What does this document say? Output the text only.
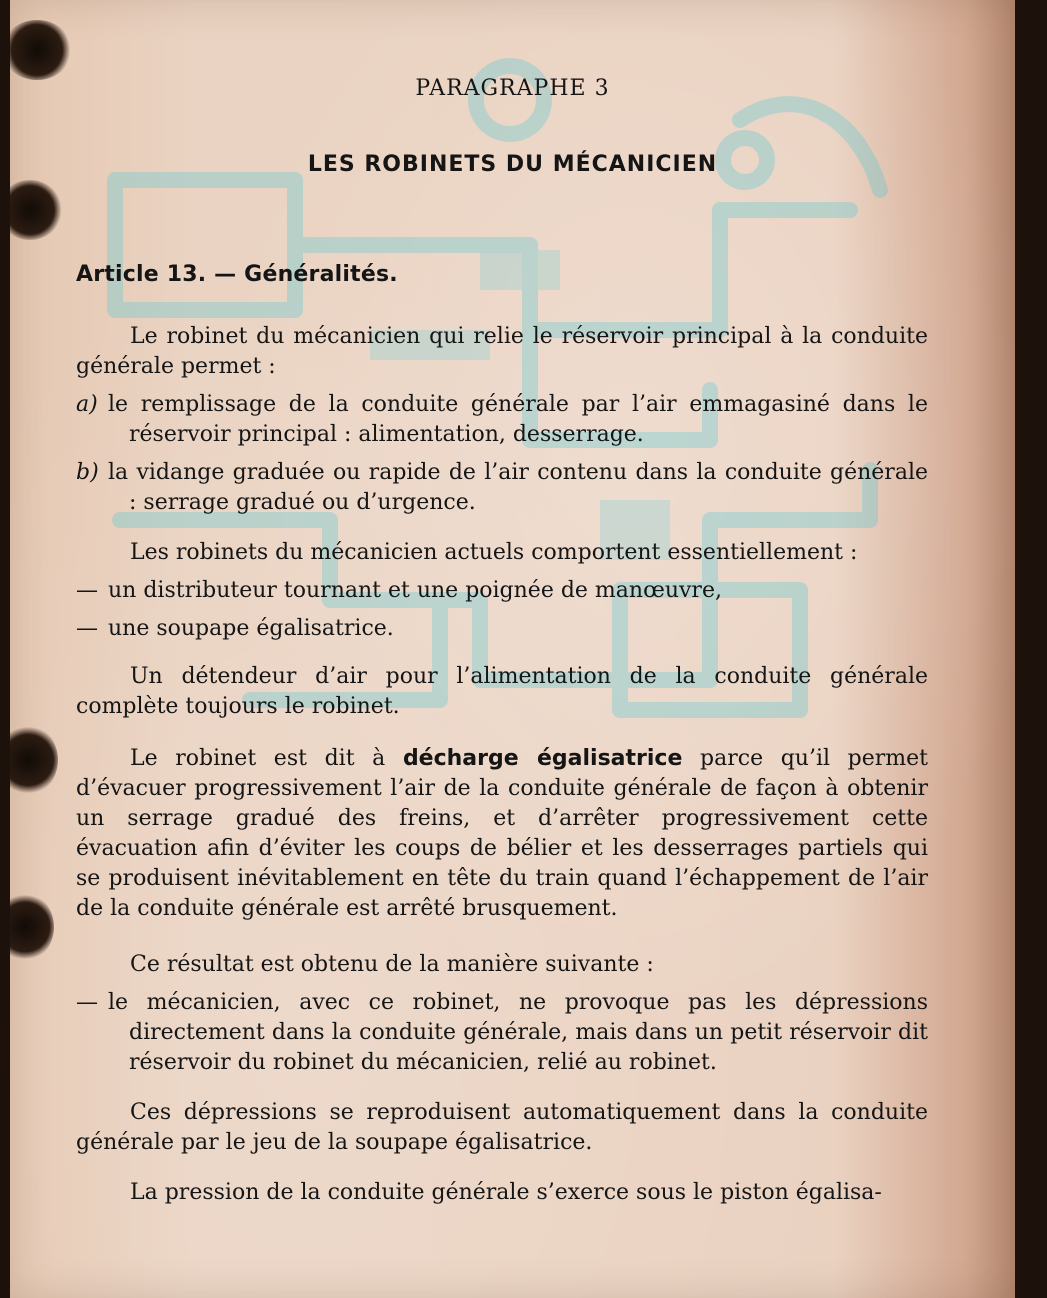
PARAGRAPHE 3
LES ROBINETS DU MÉCANICIEN
Article 13. — Généralités.

Le robinet du mécanicien qui relie le réservoir principal à la conduite générale permet :

a) le remplissage de la conduite générale par l’air emmagasiné dans le réservoir principal : alimentation, desserrage.

b) la vidange graduée ou rapide de l’air contenu dans la conduite générale : serrage gradué ou d’urgence.

Les robinets du mécanicien actuels comportent essentiellement :

— un distributeur tournant et une poignée de manœuvre,

— une soupape égalisatrice.

Un détendeur d’air pour l’alimentation de la conduite générale complète toujours le robinet.

Le robinet est dit à décharge égalisatrice parce qu’il permet d’évacuer progressivement l’air de la conduite générale de façon à obtenir un serrage gradué des freins, et d’arrêter progressivement cette évacuation afin d’éviter les coups de bélier et les desserrages partiels qui se produisent inévitablement en tête du train quand l’échappement de l’air de la conduite générale est arrêté brusquement.

Ce résultat est obtenu de la manière suivante :

— le mécanicien, avec ce robinet, ne provoque pas les dépressions directement dans la conduite générale, mais dans un petit réservoir dit réservoir du robinet du mécanicien, relié au robinet.

Ces dépressions se reproduisent automatiquement dans la conduite générale par le jeu de la soupape égalisatrice.

La pression de la conduite générale s’exerce sous le piston égalisa-
